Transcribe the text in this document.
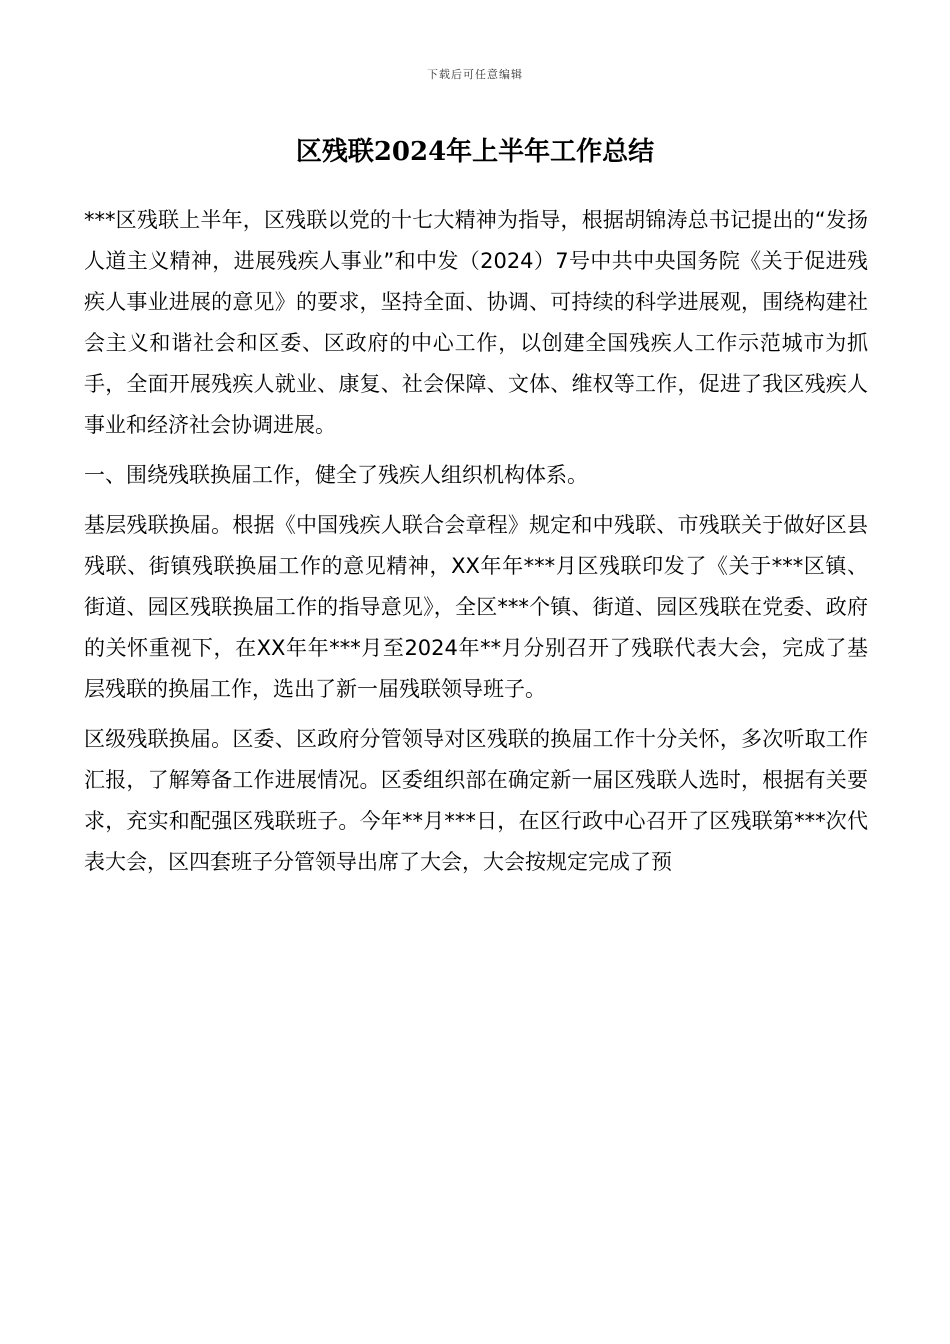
下载后可任意编辑
区残联2024年上半年工作总结

***区残联上半年，区残联以党的十七大精神为指导，根据胡锦涛总书记提出的“发扬人道主义精神，进展残疾人事业”和中发（2024）7号中共中央国务院《关于促进残疾人事业进展的意见》的要求，坚持全面、协调、可持续的科学进展观，围绕构建社会主义和谐社会和区委、区政府的中心工作，以创建全国残疾人工作示范城市为抓手，全面开展残疾人就业、康复、社会保障、文体、维权等工作，促进了我区残疾人事业和经济社会协调进展。

一、围绕残联换届工作，健全了残疾人组织机构体系。

基层残联换届。根据《中国残疾人联合会章程》规定和中残联、市残联关于做好区县残联、街镇残联换届工作的意见精神，XX年年***月区残联印发了《关于***区镇、街道、园区残联换届工作的指导意见》，全区***个镇、街道、园区残联在党委、政府的关怀重视下，在XX年年***月至2024年**月分别召开了残联代表大会，完成了基层残联的换届工作，选出了新一届残联领导班子。

区级残联换届。区委、区政府分管领导对区残联的换届工作十分关怀，多次听取工作汇报，了解筹备工作进展情况。区委组织部在确定新一届区残联人选时，根据有关要求，充实和配强区残联班子。今年**月***日，在区行政中心召开了区残联第***次代表大会，区四套班子分管领导出席了大会，大会按规定完成了预
